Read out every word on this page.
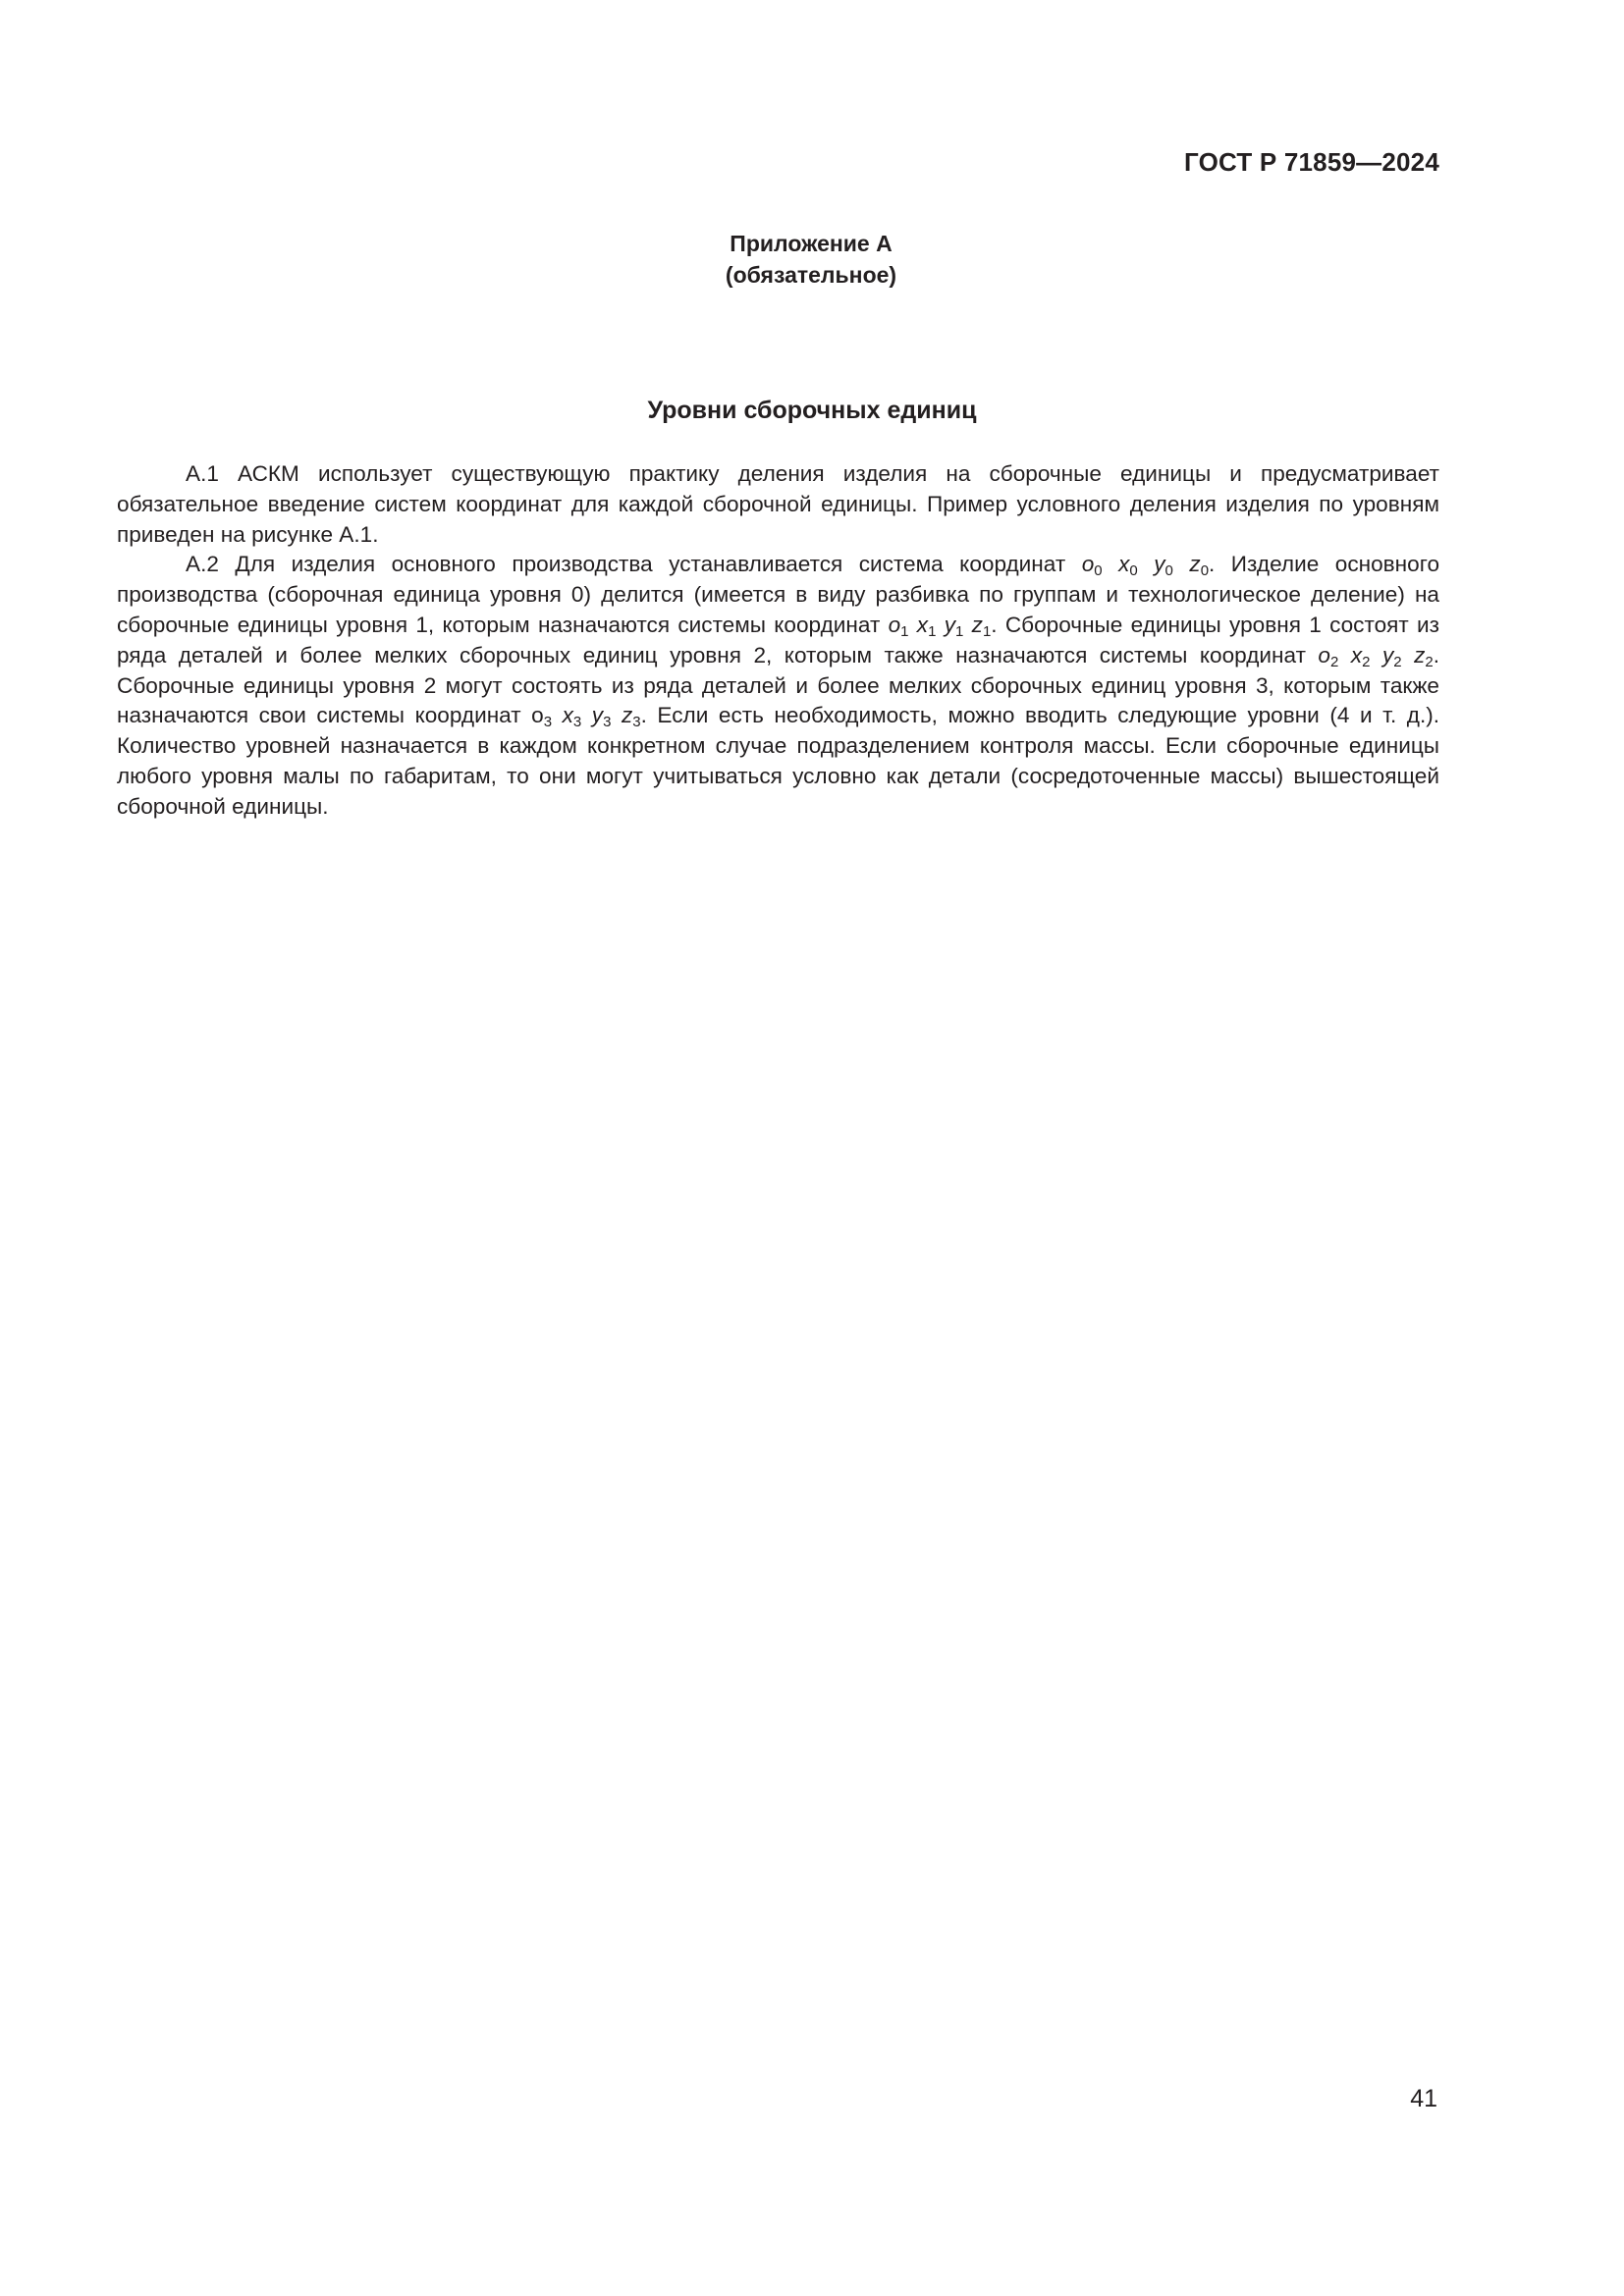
ГОСТ Р 71859—2024
Приложение А
(обязательное)
Уровни сборочных единиц

А.1 АСКМ использует существующую практику деления изделия на сборочные единицы и предусматривает обязательное введение систем координат для каждой сборочной единицы. Пример условного деления изделия по уровням приведен на рисунке А.1.

А.2 Для изделия основного производства устанавливается система координат $o_0$ $x_0$ $y_0$ $z_0$. Изделие основного производства (сборочная единица уровня 0) делится (имеется в виду разбивка по группам и технологическое деление) на сборочные единицы уровня 1, которым назначаются системы координат $o_1$ $x_1$ $y_1$ $z_1$. Сборочные единицы уровня 1 состоят из ряда деталей и более мелких сборочных единиц уровня 2, которым также назначаются системы координат $o_2$ $x_2$ $y_2$ $z_2$. Сборочные единицы уровня 2 могут состоять из ряда деталей и более мелких сборочных единиц уровня 3, которым также назначаются свои системы координат $o_3$ $x_3$ $y_3$ $z_3$. Если есть необходимость, можно вводить следующие уровни (4 и т. д.). Количество уровней назначается в каждом конкретном случае подразделением контроля массы. Если сборочные единицы любого уровня малы по габаритам, то они могут учитываться условно как детали (сосредоточенные массы) вышестоящей сборочной единицы.

41
